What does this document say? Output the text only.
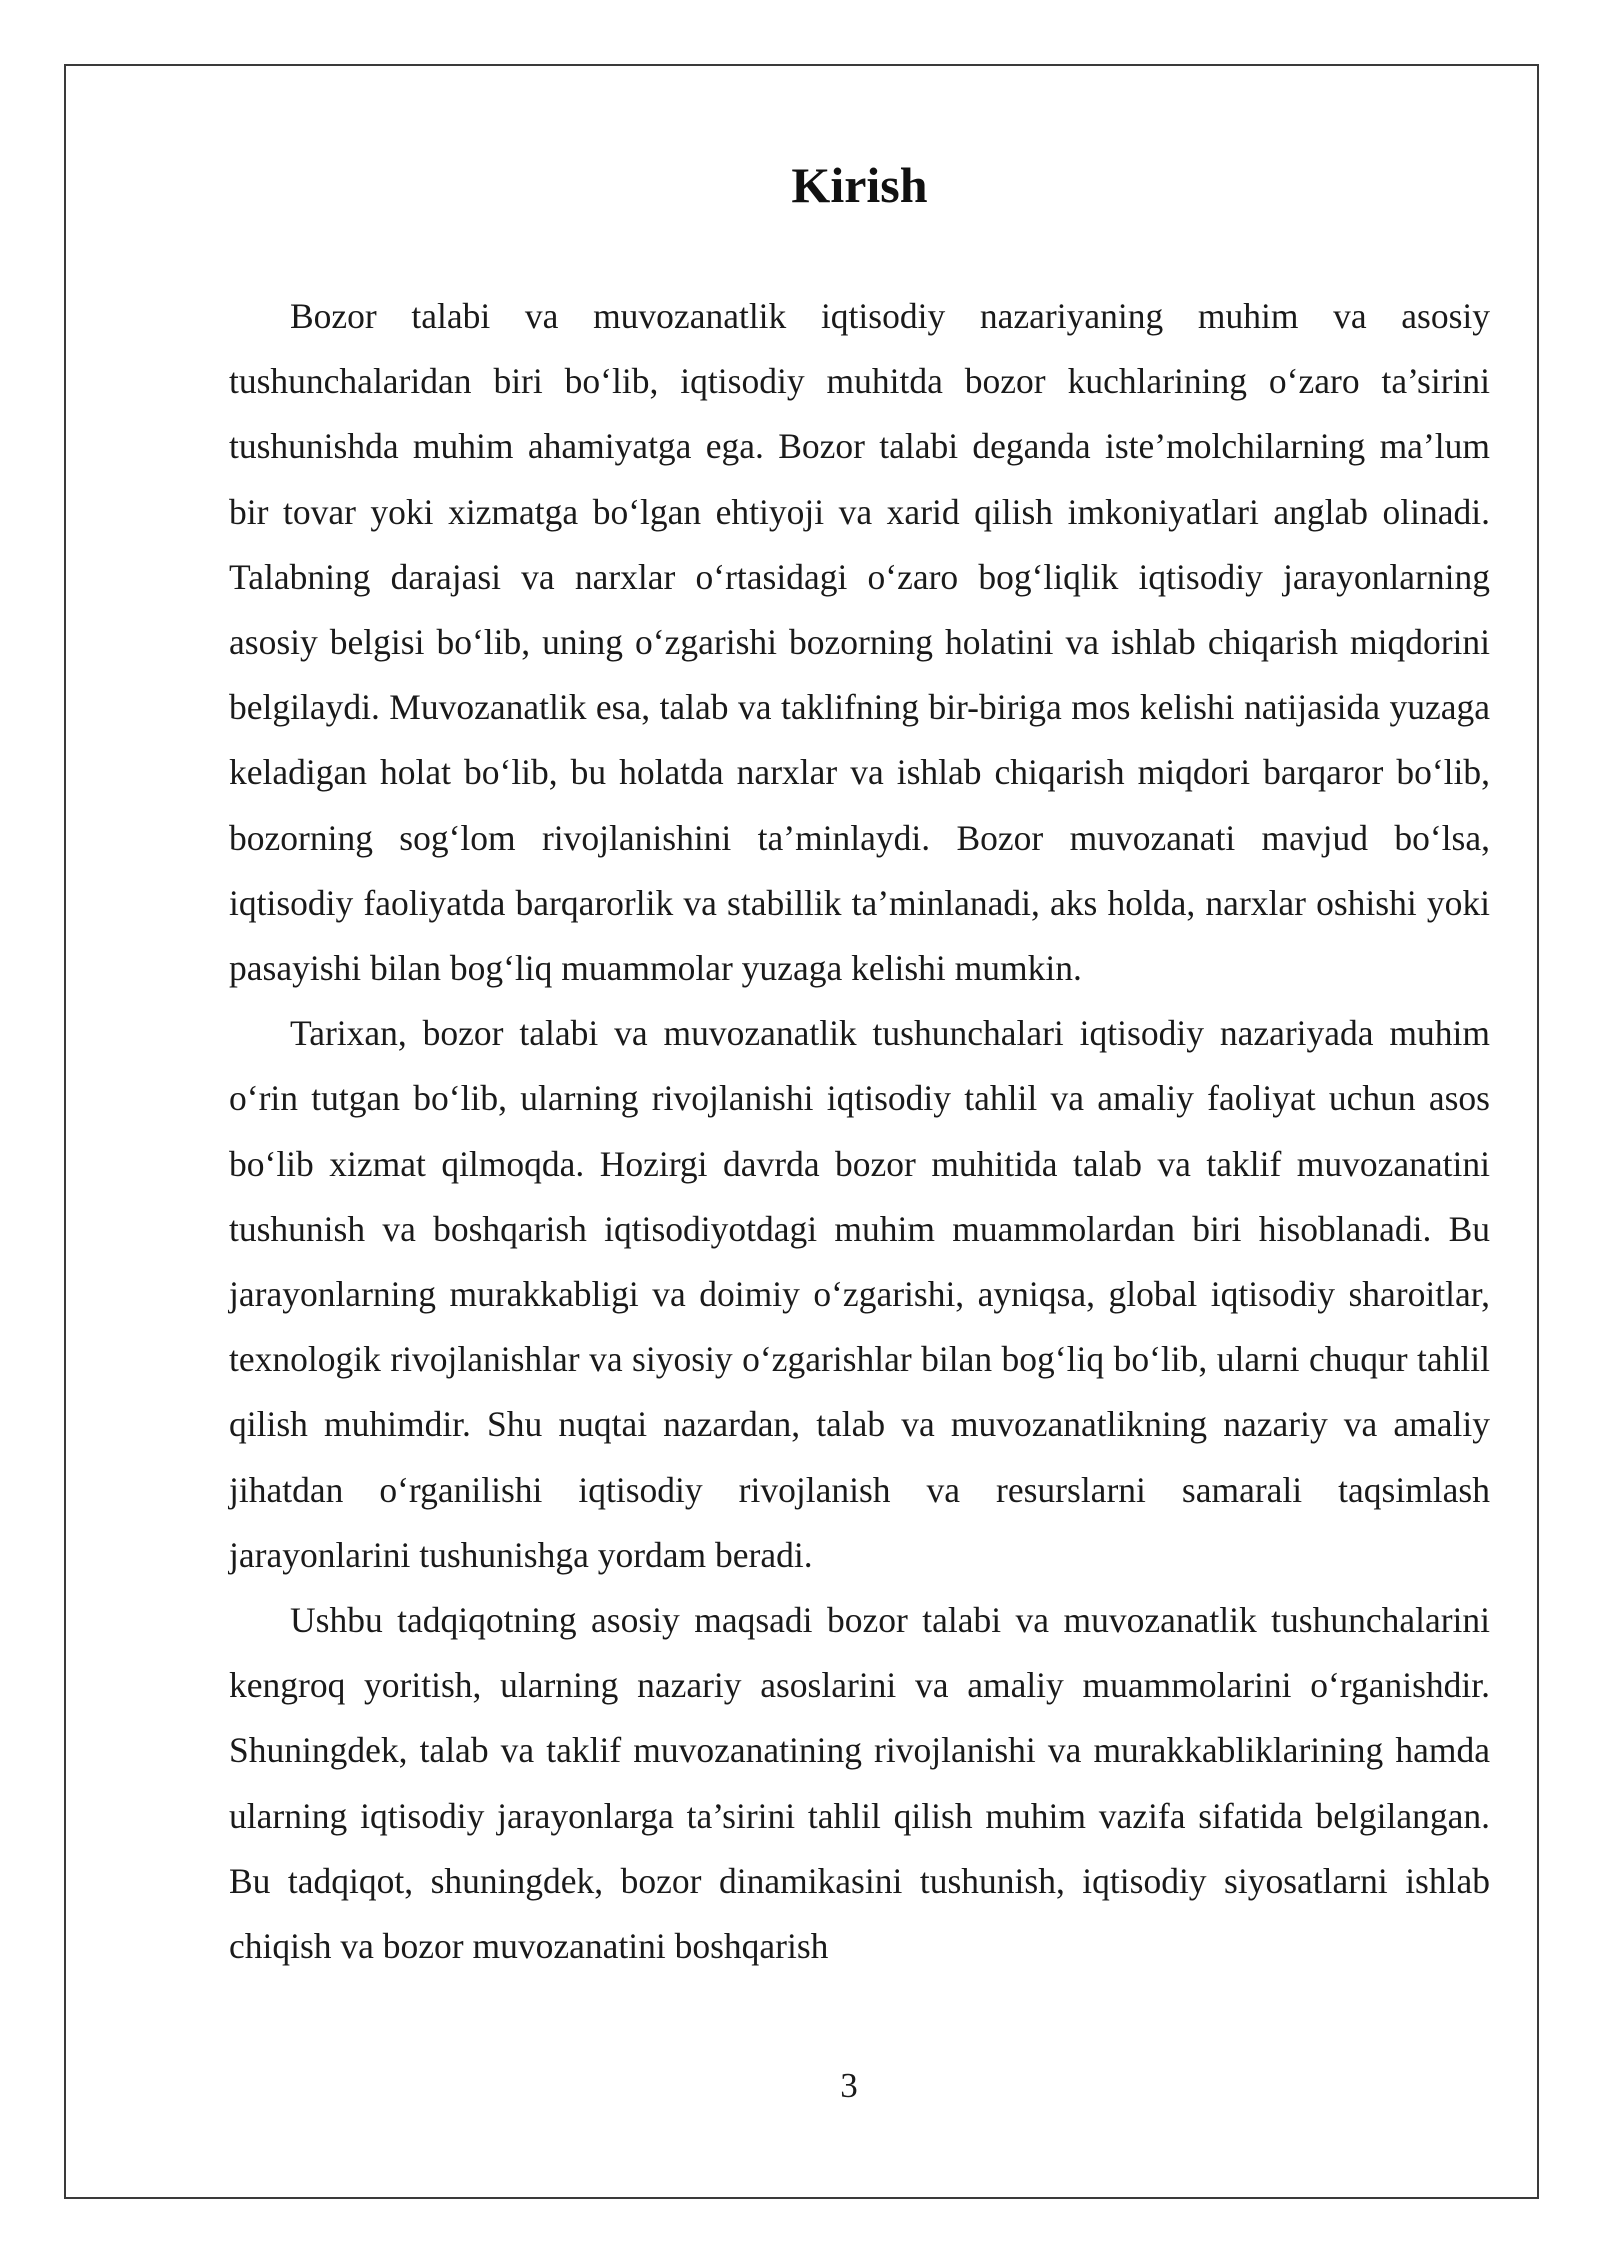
Kirish

Bozor talabi va muvozanatlik iqtisodiy nazariyaning muhim va asosiy tushunchalaridan biri bo‘lib, iqtisodiy muhitda bozor kuchlarining o‘zaro ta’sirini tushunishda muhim ahamiyatga ega. Bozor talabi deganda iste’molchilarning ma’lum bir tovar yoki xizmatga bo‘lgan ehtiyoji va xarid qilish imkoniyatlari anglab olinadi. Talabning darajasi va narxlar o‘rtasidagi o‘zaro bog‘liqlik iqtisodiy jarayonlarning asosiy belgisi bo‘lib, uning o‘zgarishi bozorning holatini va ishlab chiqarish miqdorini belgilaydi. Muvozanatlik esa, talab va taklifning bir-biriga mos kelishi natijasida yuzaga keladigan holat bo‘lib, bu holatda narxlar va ishlab chiqarish miqdori barqaror bo‘lib, bozorning sog‘lom rivojlanishini ta’minlaydi. Bozor muvozanati mavjud bo‘lsa, iqtisodiy faoliyatda barqarorlik va stabillik ta’minlanadi, aks holda, narxlar oshishi yoki pasayishi bilan bog‘liq muammolar yuzaga kelishi mumkin.

Tarixan, bozor talabi va muvozanatlik tushunchalari iqtisodiy nazariyada muhim o‘rin tutgan bo‘lib, ularning rivojlanishi iqtisodiy tahlil va amaliy faoliyat uchun asos bo‘lib xizmat qilmoqda. Hozirgi davrda bozor muhitida talab va taklif muvozanatini tushunish va boshqarish iqtisodiyotdagi muhim muammolardan biri hisoblanadi. Bu jarayonlarning murakkabligi va doimiy o‘zgarishi, ayniqsa, global iqtisodiy sharoitlar, texnologik rivojlanishlar va siyosiy o‘zgarishlar bilan bog‘liq bo‘lib, ularni chuqur tahlil qilish muhimdir. Shu nuqtai nazardan, talab va muvozanatlikning nazariy va amaliy jihatdan o‘rganilishi iqtisodiy rivojlanish va resurslarni samarali taqsimlash jarayonlarini tushunishga yordam beradi.

Ushbu tadqiqotning asosiy maqsadi bozor talabi va muvozanatlik tushunchalarini kengroq yoritish, ularning nazariy asoslarini va amaliy muammolarini o‘rganishdir. Shuningdek, talab va taklif muvozanatining rivojlanishi va murakkabliklarining hamda ularning iqtisodiy jarayonlarga ta’sirini tahlil qilish muhim vazifa sifatida belgilangan. Bu tadqiqot, shuningdek, bozor dinamikasini tushunish, iqtisodiy siyosatlarni ishlab chiqish va bozor muvozanatini boshqarish

3
